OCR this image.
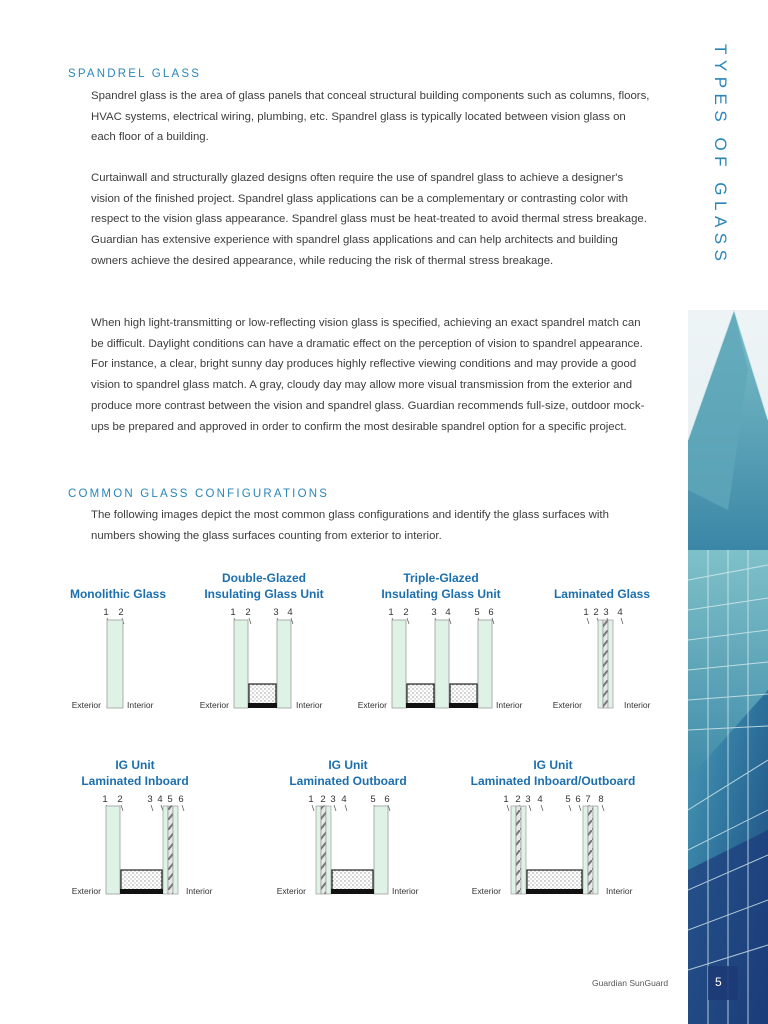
SPANDREL GLASS
Spandrel glass is the area of glass panels that conceal structural building components such as columns, floors, HVAC systems, electrical wiring, plumbing, etc. Spandrel glass is typically located between vision glass on each floor of a building.
Curtainwall and structurally glazed designs often require the use of spandrel glass to achieve a designer's vision of the finished project. Spandrel glass applications can be a complementary or contrasting color with respect to the vision glass appearance. Spandrel glass must be heat-treated to avoid thermal stress breakage. Guardian has extensive experience with spandrel glass applications and can help architects and building owners achieve the desired appearance, while reducing the risk of thermal stress breakage.
When high light-transmitting or low-reflecting vision glass is specified, achieving an exact spandrel match can be difficult. Daylight conditions can have a dramatic effect on the perception of vision to spandrel appearance. For instance, a clear, bright sunny day produces highly reflective viewing conditions and may provide a good vision to spandrel glass match. A gray, cloudy day may allow more visual transmission from the exterior and produce more contrast between the vision and spandrel glass. Guardian recommends full-size, outdoor mock-ups be prepared and approved in order to confirm the most desirable spandrel option for a specific project.
COMMON GLASS CONFIGURATIONS
The following images depict the most common glass configurations and identify the glass surfaces with numbers showing the glass surfaces counting from exterior to interior.
TYPES OF GLASS
Guardian SunGuard	5
Monolithic Glass
1 2
Exterior	Interior
Double-Glazed
Insulating Glass Unit
1 2 3 4
Exterior	Interior
Triple-Glazed
Insulating Glass Unit
1 2 3 4 5 6
Exterior	Interior
Laminated Glass
1 2 3 4
Exterior	Interior
IG Unit
Laminated Inboard
1 2	3 4 5 6
Exterior	Interior
IG Unit
Laminated Outboard
1 2 3 4 5 6
Exterior	Interior
IG Unit
Laminated Inboard/Outboard
1 2 3 4 5 6 7 8
Exterior	Interior
